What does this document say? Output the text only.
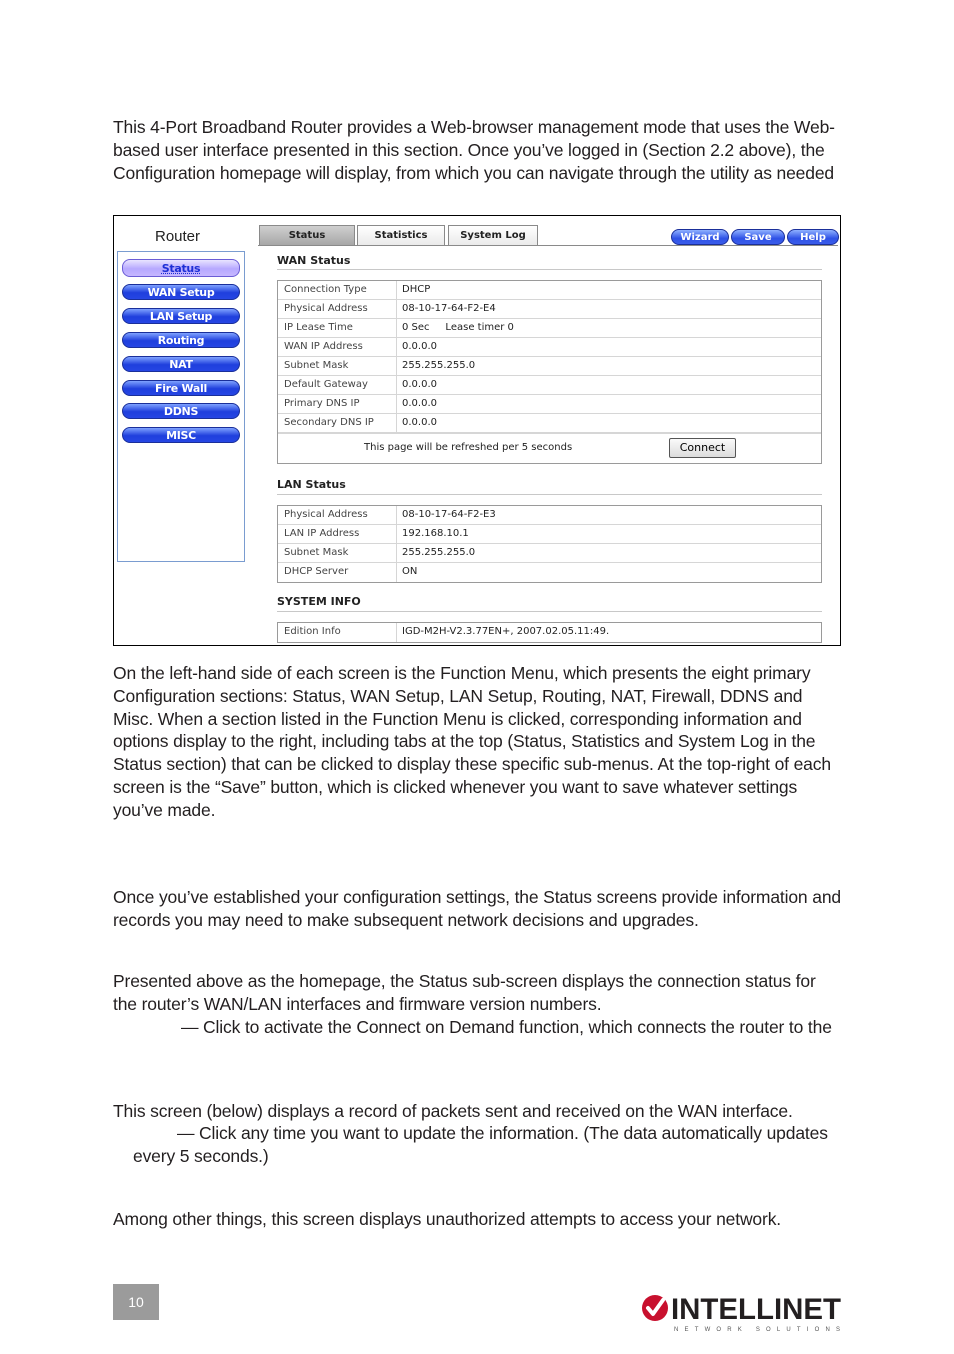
This 4-Port Broadband Router provides a Web-browser management mode that uses the Web-based user interface presented in this section. Once you’ve logged in (Section 2.2 above), the Configuration homepage will display, from which you can navigate through the utility as needed

Router
Status
WAN Setup
LAN Setup
Routing
NAT
Fire Wall
DDNS
MISC
Status	Statistics	System Log	Wizard	Save	Help
WAN Status
Connection Type	DHCP
Physical Address	08-10-17-64-F2-E4
IP Lease Time	0 Sec     Lease timer 0
WAN IP Address	0.0.0.0
Subnet Mask	255.255.255.0
Default Gateway	0.0.0.0
Primary DNS IP	0.0.0.0
Secondary DNS IP	0.0.0.0
This page will be refreshed per 5 seconds	Connect
LAN Status
Physical Address	08-10-17-64-F2-E3
LAN IP Address	192.168.10.1
Subnet Mask	255.255.255.0
DHCP Server	ON
SYSTEM INFO
Edition Info	IGD-M2H-V2.3.77EN+, 2007.02.05.11:49.

On the left-hand side of each screen is the Function Menu, which presents the eight primary Configuration sections: Status, WAN Setup, LAN Setup, Routing, NAT, Firewall, DDNS and Misc. When a section listed in the Function Menu is clicked, corresponding information and options display to the right, including tabs at the top (Status, Statistics and System Log in the Status section) that can be clicked to display these specific sub-menus. At the top-right of each screen is the “Save” button, which is clicked whenever you want to save whatever settings you’ve made.

Once you’ve established your configuration settings, the Status screens provide information and records you may need to make subsequent network decisions and upgrades.

Presented above as the homepage, the Status sub-screen displays the connection status for the router’s WAN/LAN interfaces and firmware version numbers.

— Click to activate the Connect on Demand function, which connects the router to the

This screen (below) displays a record of packets sent and received on the WAN interface.

— Click any time you want to update the information. (The data automatically updates

every 5 seconds.)

Among other things, this screen displays unauthorized attempts to access your network.

10	INTELLINET
NETWORK SOLUTIONS
